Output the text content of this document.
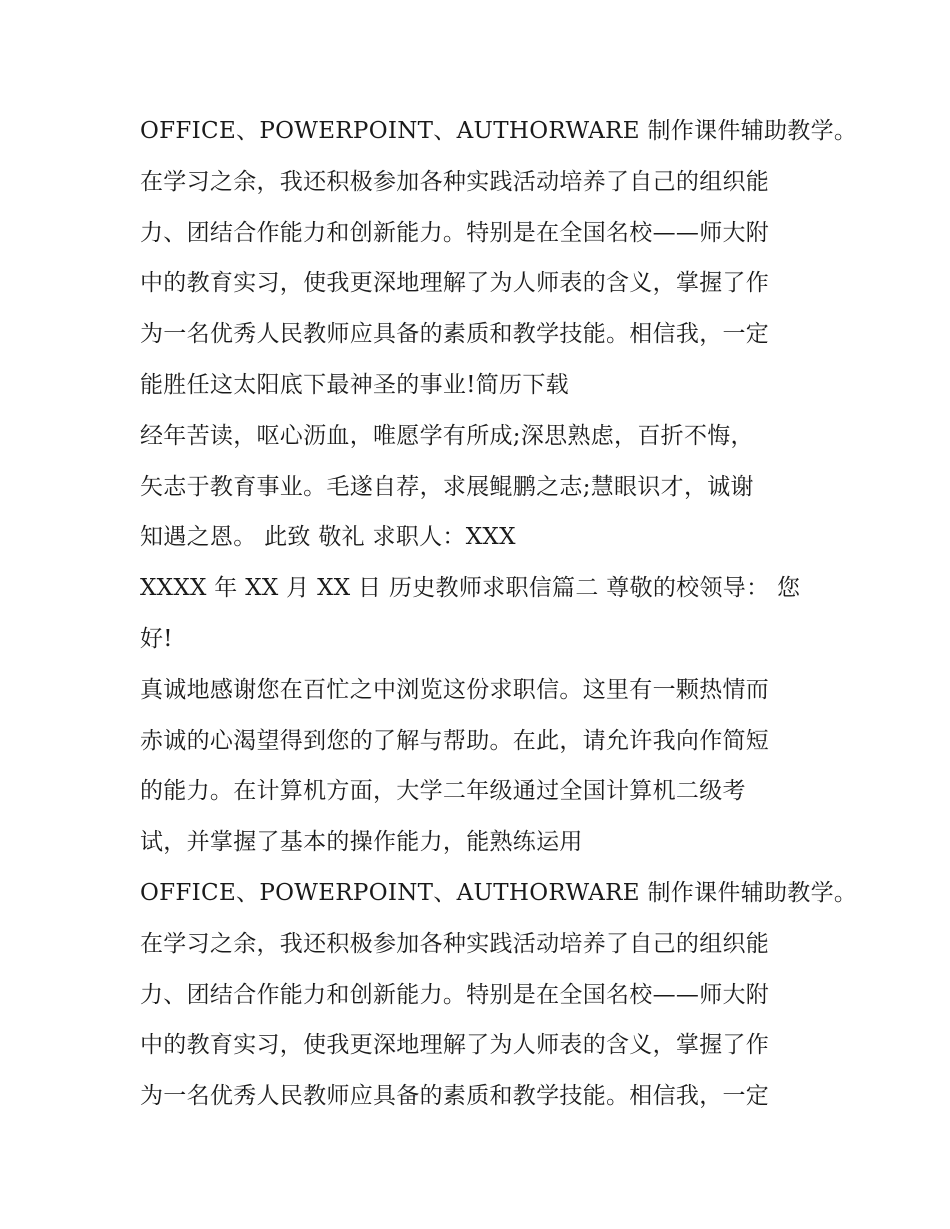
OFFICE、POWERPOINT、AUTHORWARE 制作课件辅助教学。
在学习之余，我还积极参加各种实践活动培养了自己的组织能
力、团结合作能力和创新能力。特别是在全国名校——师大附
中的教育实习，使我更深地理解了为人师表的含义，掌握了作
为一名优秀人民教师应具备的素质和教学技能。相信我，一定
能胜任这太阳底下最神圣的事业!简历下载
经年苦读，呕心沥血，唯愿学有所成;深思熟虑，百折不悔，
矢志于教育事业。毛遂自荐，求展鲲鹏之志;慧眼识才，诚谢
知遇之恩。 此致 敬礼 求职人：XXX
XXXX 年 XX 月 XX 日 历史教师求职信篇二 尊敬的校领导： 您
好!
真诚地感谢您在百忙之中浏览这份求职信。这里有一颗热情而
赤诚的心渴望得到您的了解与帮助。在此，请允许我向作简短
的能力。在计算机方面，大学二年级通过全国计算机二级考
试，并掌握了基本的操作能力，能熟练运用
OFFICE、POWERPOINT、AUTHORWARE 制作课件辅助教学。
在学习之余，我还积极参加各种实践活动培养了自己的组织能
力、团结合作能力和创新能力。特别是在全国名校——师大附
中的教育实习，使我更深地理解了为人师表的含义，掌握了作
为一名优秀人民教师应具备的素质和教学技能。相信我，一定
